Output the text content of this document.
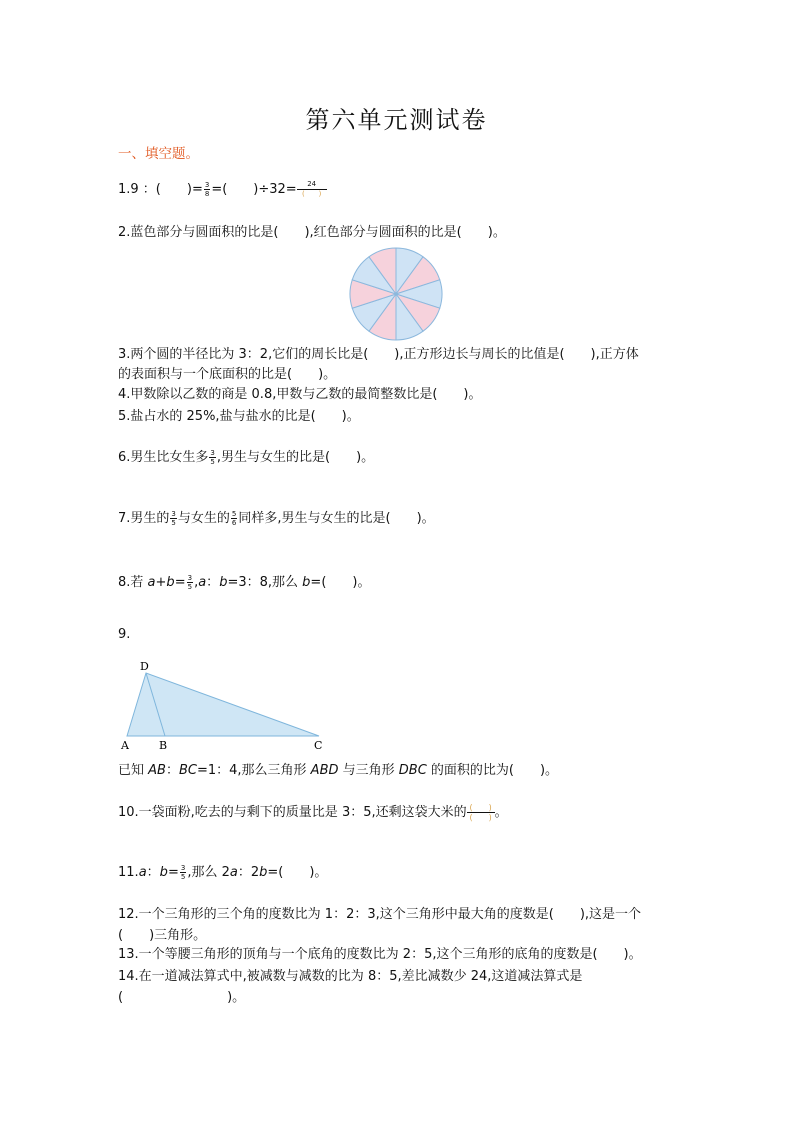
第六单元测试卷
一、填空题。
1.9 ：(　　)= $\frac{3}{8}$ =(　　)÷32=	24
(　　)
2.蓝色部分与圆面积的比是(　　),红色部分与圆面积的比是(　　)。
3.两个圆的半径比为 3：2,它们的周长比是(　　),正方形边长与周长的比值是(　　),正方体
的表面积与一个底面积的比是(　　)。
4.甲数除以乙数的商是 0.8,甲数与乙数的最简整数比是(　　)。
5.盐占水的 25%,盐与盐水的比是(　　)。
6.男生比女生多 $\frac{3}{5}$ ,男生与女生的比是(　　)。
7.男生的 $\frac{3}{5}$ 与女生的 $\frac{5}{6}$ 同样多,男生与女生的比是(　　)。
8.若 $a+b= \frac{3}{5} ,a$：b=3：8,那么 b=(　　)。
9.
D
A	B	C
已知 AB：BC=1：4,那么三角形 ABD 与三角形 DBC 的面积的比为(　　)。
10.一袋面粉,吃去的与剩下的质量比是 3：5,还剩这袋大米的 (　　)
(　　) 。
11.a：$b= \frac{3}{5}$ ,那么 2a：2b=(　　)。
12.一个三角形的三个角的度数比为 1：2：3,这个三角形中最大角的度数是(　　),这是一个
(　　)三角形。
13.一个等腰三角形的顶角与一个底角的度数比为 2：5,这个三角形的底角的度数是(　　)。
14.在一道减法算式中,被减数与减数的比为 8：5,差比减数少 24,这道减法算式是
(　　　　　　　　)。
